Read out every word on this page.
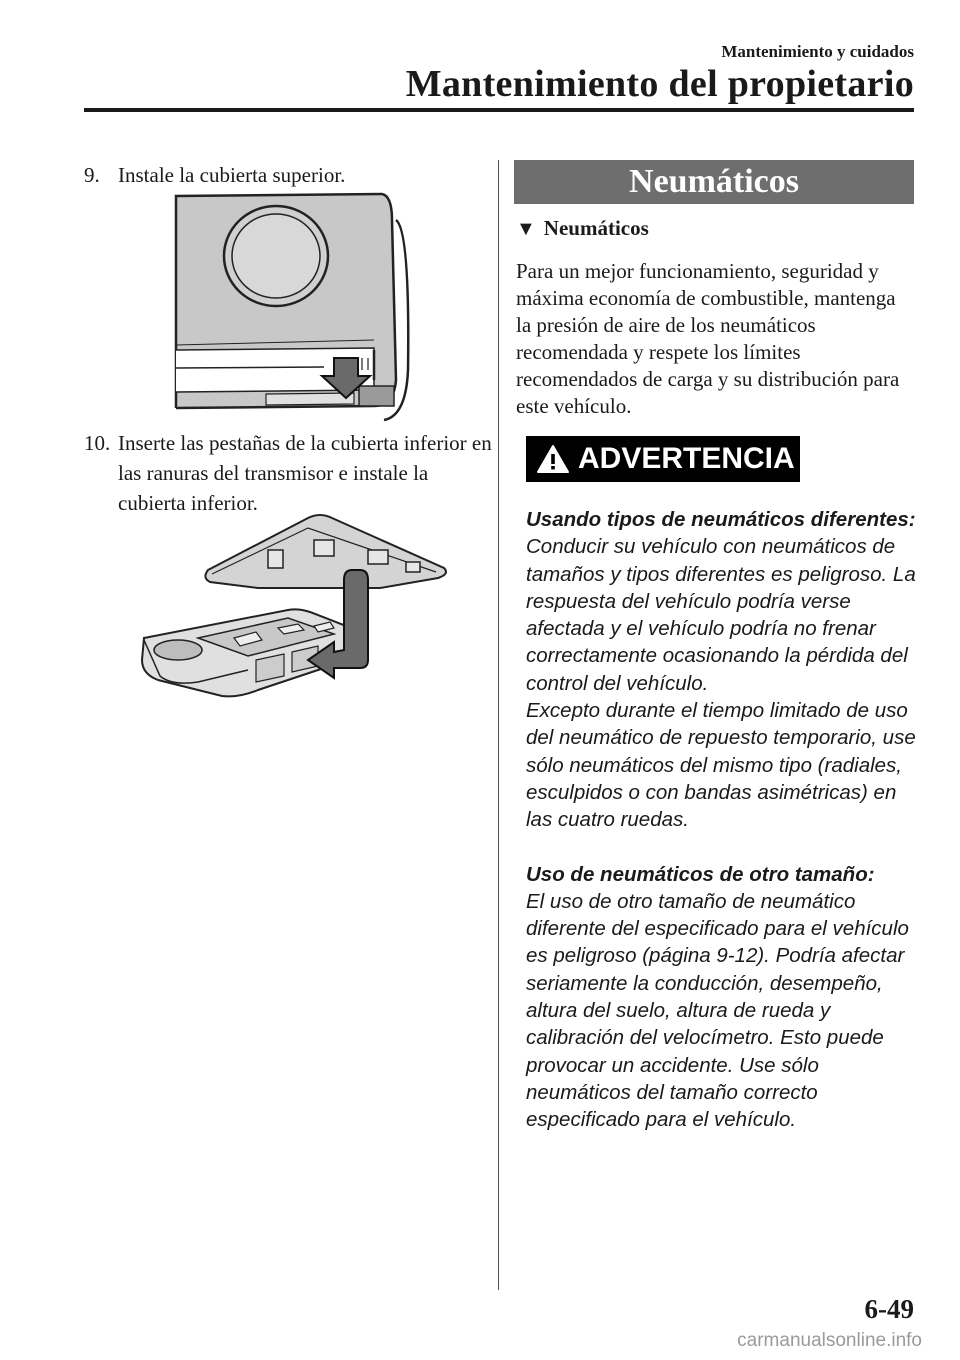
Mantenimiento y cuidados
Mantenimiento del propietario
9. Instale la cubierta superior.
10. Inserte las pestañas de la cubierta inferior en las ranuras del transmisor e instale la cubierta inferior.
Neumáticos
▼ Neumáticos
Para un mejor funcionamiento, seguridad y máxima economía de combustible, mantenga la presión de aire de los neumáticos recomendada y respete los límites recomendados de carga y su distribución para este vehículo.
ADVERTENCIA

Usando tipos de neumáticos diferentes:

Conducir su vehículo con neumáticos de tamaños y tipos diferentes es peligroso. La respuesta del vehículo podría verse afectada y el vehículo podría no frenar correctamente ocasionando la pérdida del control del vehículo.

Excepto durante el tiempo limitado de uso del neumático de repuesto temporario, use sólo neumáticos del mismo tipo (radiales, esculpidos o con bandas asimétricas) en las cuatro ruedas.

Uso de neumáticos de otro tamaño:

El uso de otro tamaño de neumático diferente del especificado para el vehículo es peligroso (página 9-12). Podría afectar seriamente la conducción, desempeño, altura del suelo, altura de rueda y calibración del velocímetro. Esto puede provocar un accidente. Use sólo neumáticos del tamaño correcto especificado para el vehículo.

6-49
carmanualsonline.info
